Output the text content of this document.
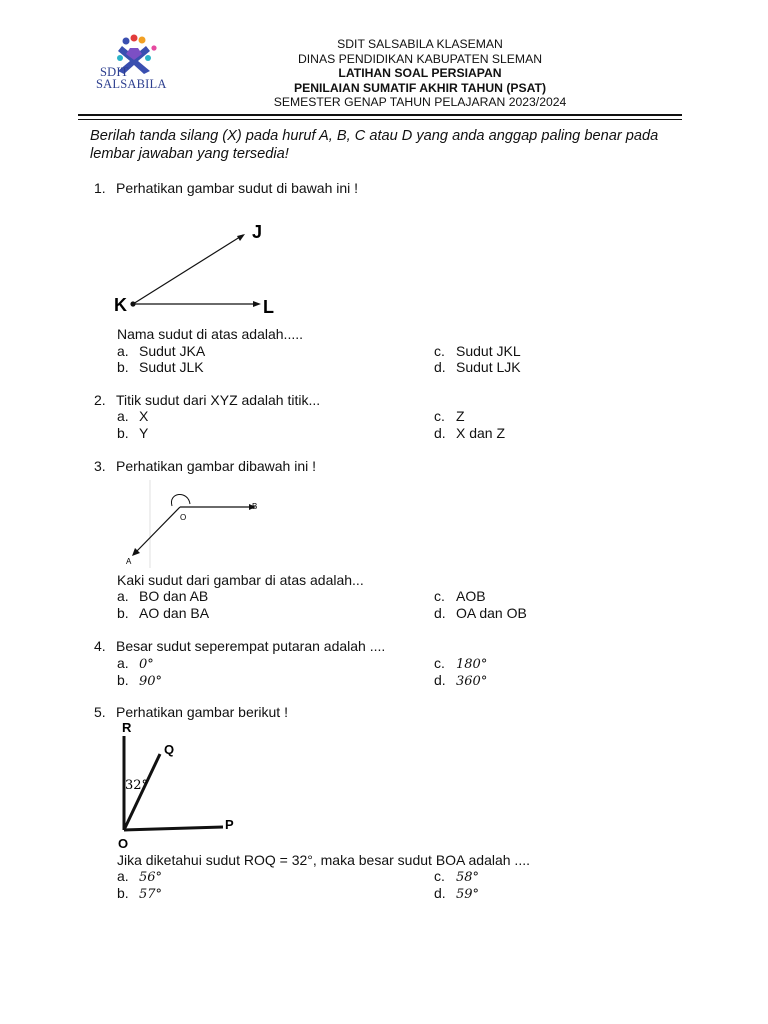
SDIT
SALSABILA
SDIT SALSABILA KLASEMAN
DINAS PENDIDIKAN KABUPATEN SLEMAN
LATIHAN SOAL PERSIAPAN
PENILAIAN SUMATIF AKHIR TAHUN (PSAT)
SEMESTER GENAP TAHUN PELAJARAN 2023/2024
Berilah tanda silang (X) pada huruf A, B, C atau D yang anda anggap paling benar pada lembar jawaban yang tersedia!
1. Perhatikan gambar sudut di bawah ini !
J
K	L
Nama sudut di atas adalah.....
a. Sudut JKA
b. Sudut JLK
c. Sudut JKL
d. Sudut LJK
2. Titik sudut dari XYZ adalah titik...
a. X
b. Y
c. Z
d. X dan Z
3. Perhatikan gambar dibawah ini !
O
B
A
Kaki sudut dari gambar di atas adalah...
a. BO dan AB
b. AO dan BA
c. AOB
d. OA dan OB
4. Besar sudut seperempat putaran adalah ....
a. 0°
b. 90°
c. 180°
d. 360°
5. Perhatikan gambar berikut !
R
Q
P
O
32°
Jika diketahui sudut ROQ = 32°, maka besar sudut BOA adalah ....
a. 56°
b. 57°
c. 58°
d. 59°
